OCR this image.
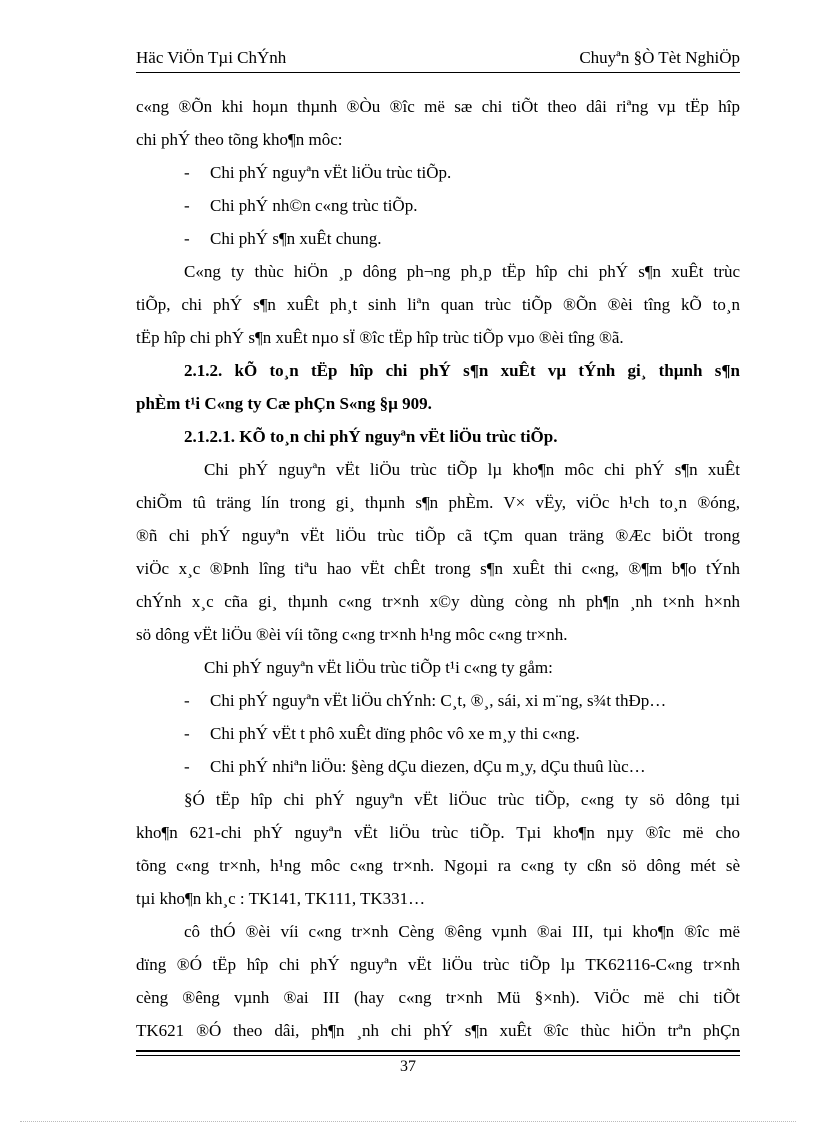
Häc ViÖn Tµi ChÝnh	Chuyªn §Ò Tèt NghiÖp
c«ng ®Õn khi hoµn thµnh ®Òu ®îc më sæ chi tiÕt theo dâi riªng vµ tËp hîp
chi phÝ theo tõng kho¶n môc:
- Chi phÝ nguyªn vËt liÖu trùc tiÕp.
- Chi phÝ nh©n c«ng trùc tiÕp.
- Chi phÝ s¶n xuÊt chung.
C«ng ty thùc hiÖn ¸p dông ph¬ng ph¸p tËp hîp chi phÝ s¶n xuÊt trùc
tiÕp, chi phÝ s¶n xuÊt ph¸t sinh liªn quan trùc tiÕp ®Õn ®èi tîng kÕ to¸n
tËp hîp chi phÝ s¶n xuÊt nµo sÏ ®îc tËp hîp trùc tiÕp vµo ®èi tîng ®ã.
2.1.2. kÕ to¸n tËp hîp chi phÝ s¶n xuÊt vµ tÝnh gi¸ thµnh s¶n
phÈm t¹i C«ng ty Cæ phÇn S«ng §µ 909.
2.1.2.1. KÕ to¸n chi phÝ nguyªn vËt liÖu trùc tiÕp.
Chi phÝ nguyªn vËt liÖu trùc tiÕp lµ kho¶n môc chi phÝ s¶n xuÊt
chiÕm tû träng lín trong gi¸ thµnh s¶n phÈm. V× vËy, viÖc h¹ch to¸n ®óng,
®ñ chi phÝ nguyªn vËt liÖu trùc tiÕp cã tÇm quan träng ®Æc biÖt trong
viÖc x¸c ®Þnh lîng tiªu hao vËt chÊt trong s¶n xuÊt thi c«ng, ®¶m b¶o tÝnh
chÝnh x¸c cña gi¸ thµnh c«ng tr×nh x©y dùng còng nh ph¶n ¸nh t×nh h×nh
sö dông vËt liÖu ®èi víi tõng c«ng tr×nh h¹ng môc c«ng tr×nh.
Chi phÝ nguyªn vËt liÖu trùc tiÕp t¹i c«ng ty gåm:
- Chi phÝ nguyªn vËt liÖu chÝnh: C¸t, ®¸, sái, xi m¨ng, s¾t thÐp…
- Chi phÝ vËt t phô xuÊt dïng phôc vô xe m¸y thi c«ng.
- Chi phÝ nhiªn liÖu: §èng dÇu diezen, dÇu m¸y, dÇu thuû lùc…
§Ó tËp hîp chi phÝ nguyªn vËt liÖuc trùc tiÕp, c«ng ty sö dông tµi
kho¶n 621-chi phÝ nguyªn vËt liÖu trùc tiÕp. Tµi kho¶n nµy ®îc më cho
tõng c«ng tr×nh, h¹ng môc c«ng tr×nh. Ngoµi ra c«ng ty cßn sö dông mét sè
tµi kho¶n kh¸c : TK141, TK111, TK331…
cô thÓ ®èi víi c«ng tr×nh Cèng ®êng vµnh ®ai III, tµi kho¶n ®îc më
dïng ®Ó tËp hîp chi phÝ nguyªn vËt liÖu trùc tiÕp lµ TK62116-C«ng tr×nh
cèng ®êng vµnh ®ai III (hay c«ng tr×nh Mü §×nh). ViÖc më chi tiÕt
TK621 ®Ó theo dâi, ph¶n ¸nh chi phÝ s¶n xuÊt ®îc thùc hiÖn trªn phÇn
37
